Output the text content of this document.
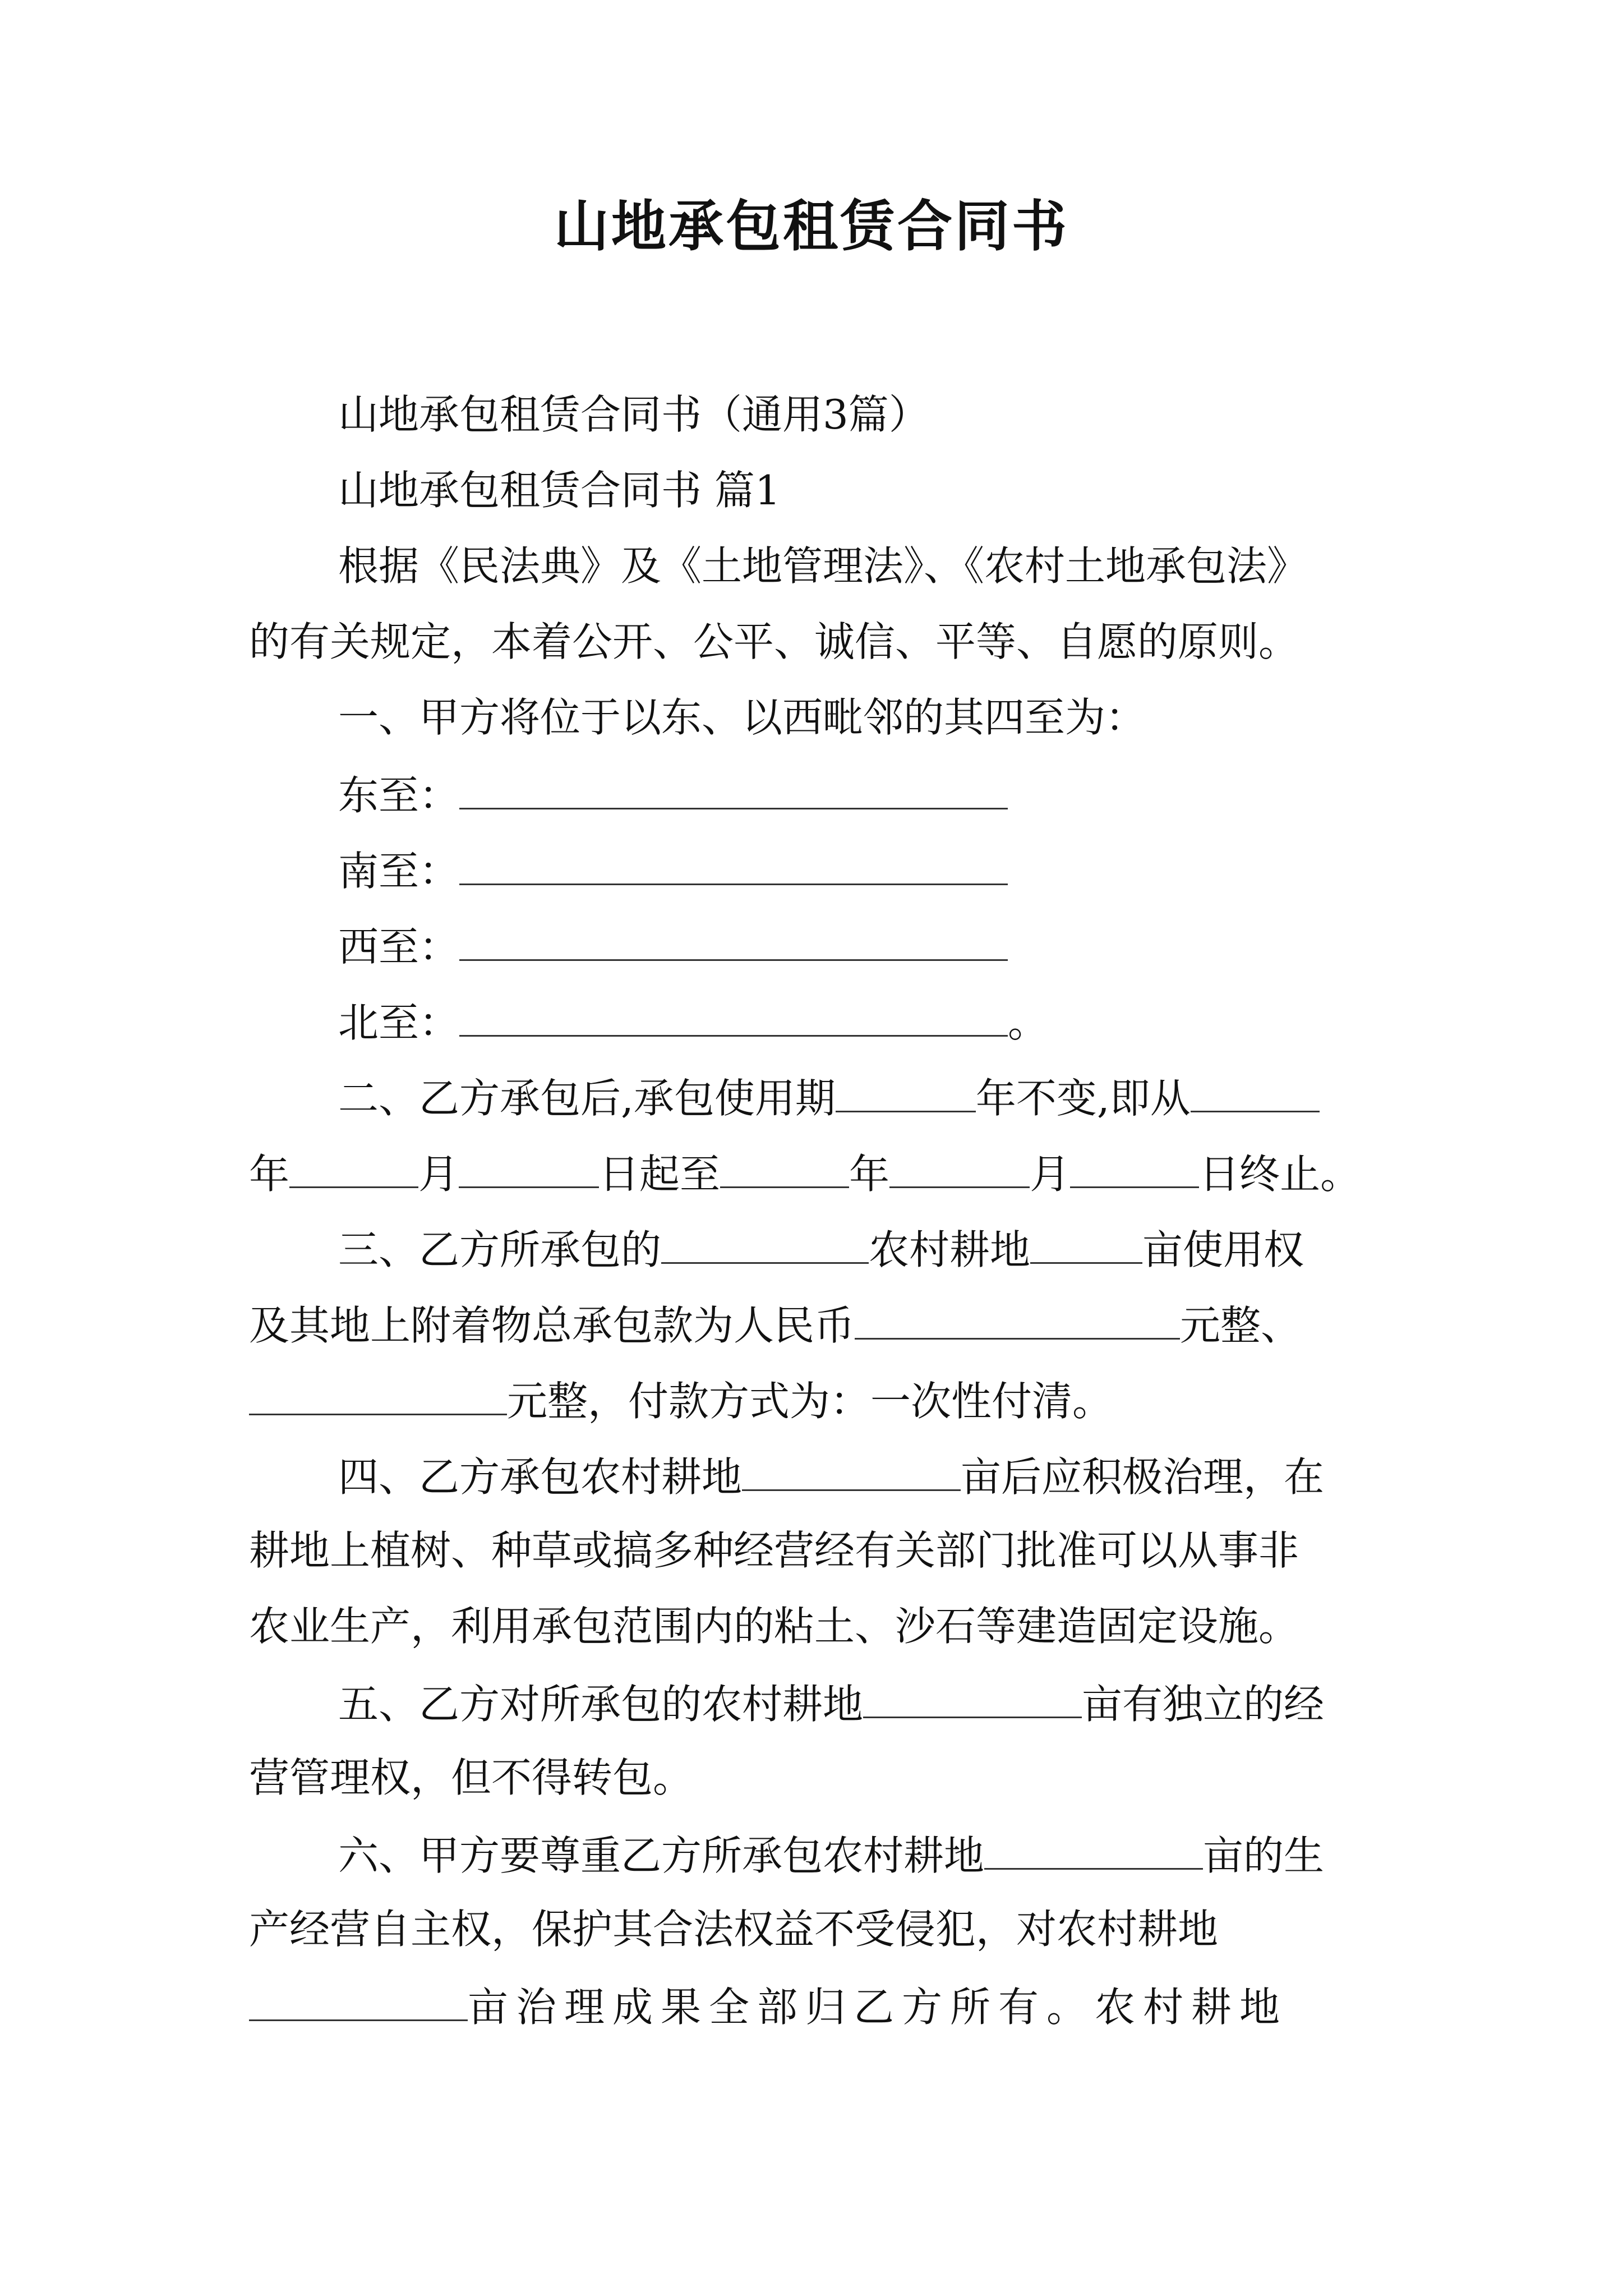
山地承包租赁合同书
山地承包租赁合同书（通用3篇）
山地承包租赁合同书 篇1
根据《民法典》及《土地管理法》、《农村土地承包法》
的有关规定，本着公开、公平、诚信、平等、自愿的原则。
一、甲方将位于以东、以西毗邻的其四至为：
东至：
南至：
西至：
北至：	。
二、乙方承包后,承包使用期	年不变,即从
年	月	日起至	年	月	日终止。
三、乙方所承包的	农村耕地	亩使用权
及其地上附着物总承包款为人民币	元整、
元整，付款方式为：一次性付清。
四、乙方承包农村耕地	亩后应积极治理，在
耕地上植树、种草或搞多种经营经有关部门批准可以从事非
农业生产，利用承包范围内的粘土、沙石等建造固定设施。
五、乙方对所承包的农村耕地	亩有独立的经
营管理权，但不得转包。
六、甲方要尊重乙方所承包农村耕地	亩的生
产经营自主权，保护其合法权益不受侵犯，对农村耕地
亩治理成果全部归乙方所有。农村耕地
